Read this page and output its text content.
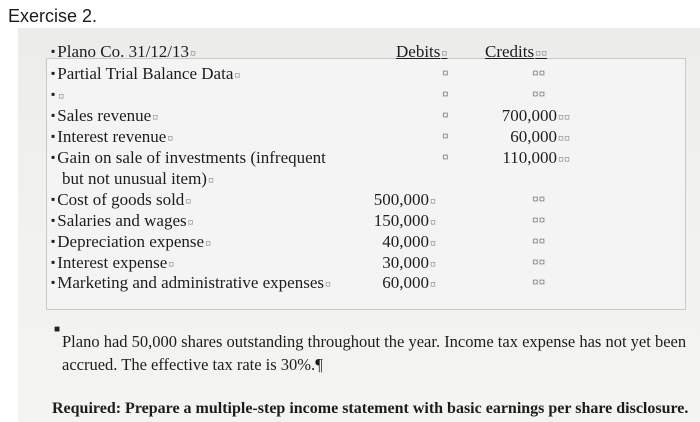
Exercise 2.
Debits¤ Credits¤¤
▪ Plano Co. 31/12/13¤
▪ Partial Trial Balance Data¤
▪ ¤
▪ Sales revenue¤
▪ Interest revenue¤
▪ Gain on sale of investments (infrequent
but not unusual item)¤
▪ Cost of goods sold¤
▪ Salaries and wages¤
▪ Depreciation expense¤
▪ Interest expense¤
▪ Marketing and administrative expenses¤
¤
¤
¤
¤
¤
500,000¤
150,000¤
40,000¤
30,000¤
60,000¤
¤¤
¤¤
¤¤
¤¤
¤¤
¤¤
¤¤
700,000¤¤
60,000¤¤
110,000¤¤
■
Plano had 50,000 shares outstanding throughout the year. Income tax expense has not yet been accrued. The effective tax rate is 30%.¶
Required: Prepare a multiple-step income statement with basic earnings per share disclosure.
